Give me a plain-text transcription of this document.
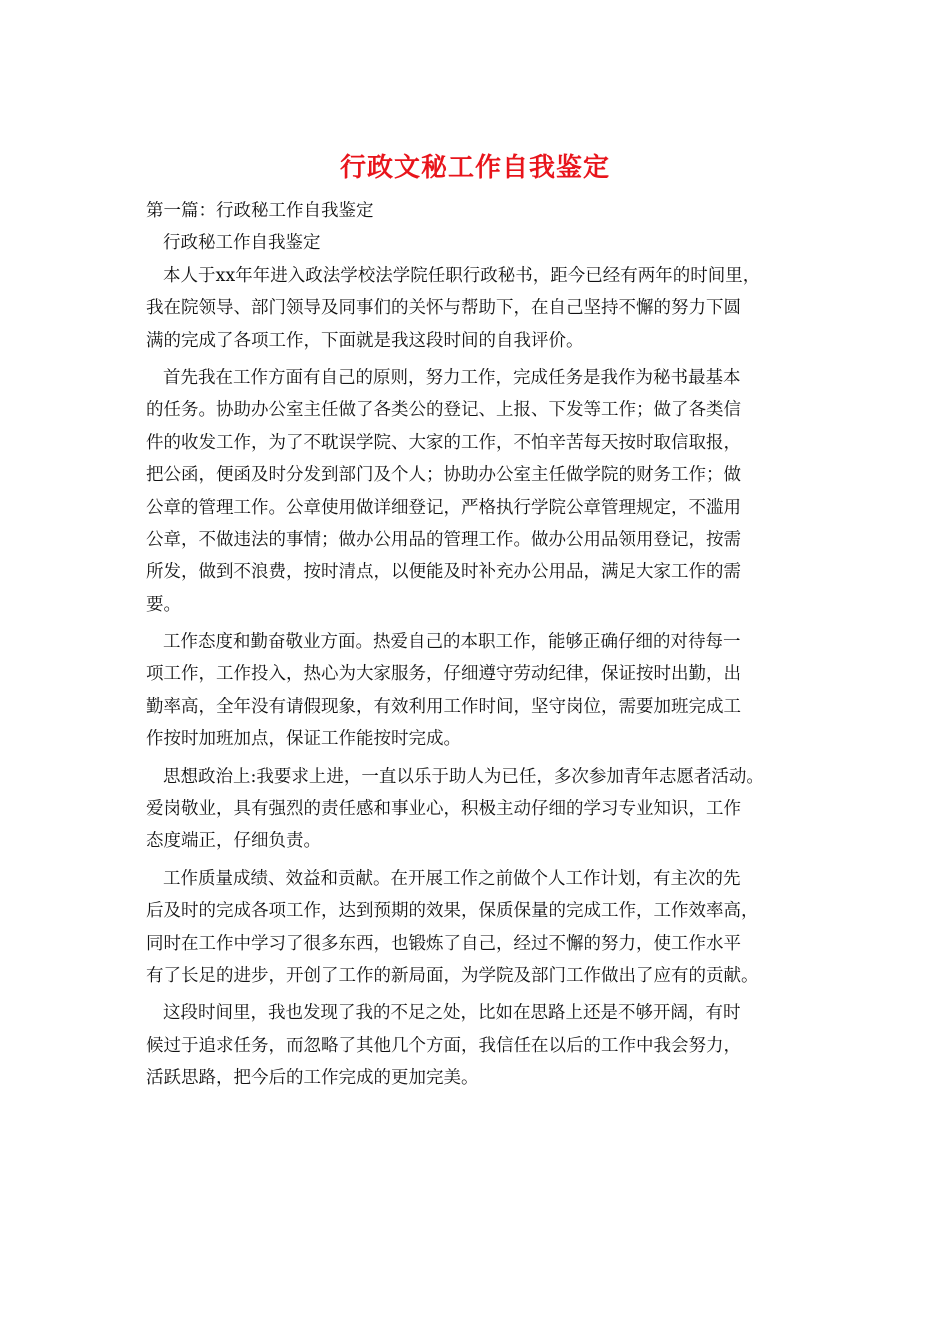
行政文秘工作自我鉴定
第一篇：行政秘工作自我鉴定
行政秘工作自我鉴定
本人于xx年年进入政法学校法学院任职行政秘书，距今已经有两年的时间里，
我在院领导、部门领导及同事们的关怀与帮助下，在自己坚持不懈的努力下圆
满的完成了各项工作，下面就是我这段时间的自我评价。
首先我在工作方面有自己的原则，努力工作，完成任务是我作为秘书最基本
的任务。协助办公室主任做了各类公的登记、上报、下发等工作；做了各类信
件的收发工作，为了不耽误学院、大家的工作，不怕辛苦每天按时取信取报，
把公函，便函及时分发到部门及个人；协助办公室主任做学院的财务工作；做
公章的管理工作。公章使用做详细登记，严格执行学院公章管理规定，不滥用
公章，不做违法的事情；做办公用品的管理工作。做办公用品领用登记，按需
所发，做到不浪费，按时清点，以便能及时补充办公用品，满足大家工作的需
要。
工作态度和勤奋敬业方面。热爱自己的本职工作，能够正确仔细的对待每一
项工作，工作投入，热心为大家服务，仔细遵守劳动纪律，保证按时出勤，出
勤率高，全年没有请假现象，有效利用工作时间，坚守岗位，需要加班完成工
作按时加班加点，保证工作能按时完成。
思想政治上:我要求上进，一直以乐于助人为已任，多次参加青年志愿者活动。
爱岗敬业，具有强烈的责任感和事业心，积极主动仔细的学习专业知识，工作
态度端正，仔细负责。
工作质量成绩、效益和贡献。在开展工作之前做个人工作计划，有主次的先
后及时的完成各项工作，达到预期的效果，保质保量的完成工作，工作效率高，
同时在工作中学习了很多东西，也锻炼了自己，经过不懈的努力，使工作水平
有了长足的进步，开创了工作的新局面，为学院及部门工作做出了应有的贡献。
这段时间里，我也发现了我的不足之处，比如在思路上还是不够开阔，有时
候过于追求任务，而忽略了其他几个方面，我信任在以后的工作中我会努力，
活跃思路，把今后的工作完成的更加完美。
